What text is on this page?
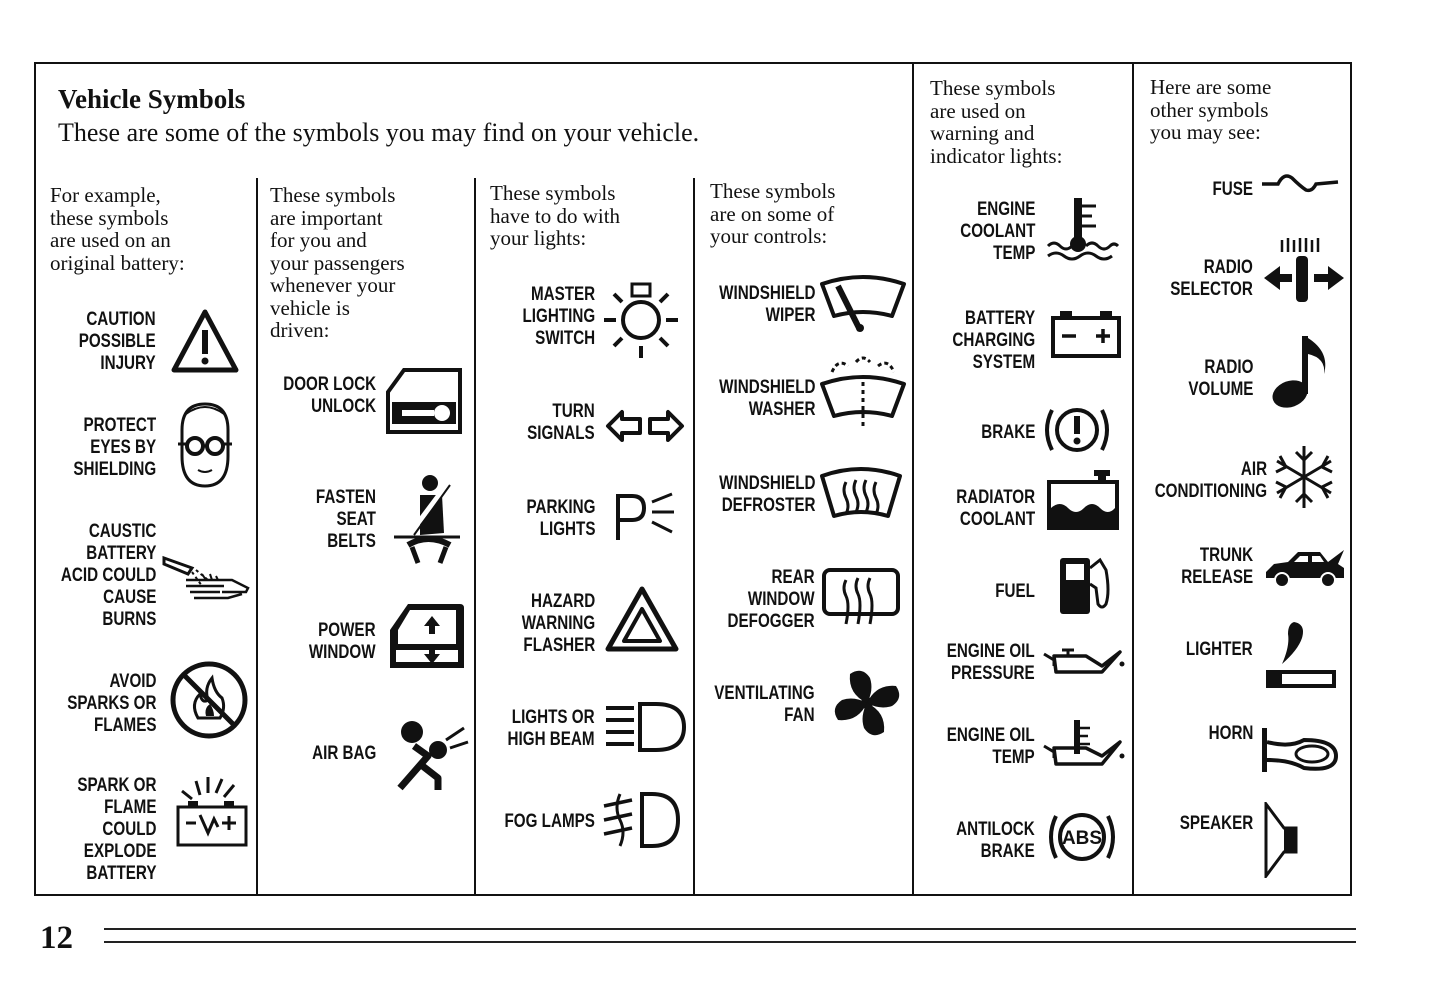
Vehicle Symbols
These are some of the symbols you may find on your vehicle.
For example,
these symbols
are used on an
original battery:
These symbols
are important
for you and
your passengers
whenever your
vehicle is
driven:
These symbols
have to do with
your lights:
These symbols
are on some of
your controls:
These symbols
are used on
warning and
indicator lights:
Here are some
other symbols
you may see:
CAUTION
POSSIBLE
INJURY
PROTECT
EYES BY
SHIELDING
CAUSTIC
BATTERY
ACID COULD
CAUSE
BURNS
AVOID
SPARKS OR
FLAMES
SPARK OR
FLAME
COULD
EXPLODE
BATTERY
DOOR LOCK
UNLOCK
FASTEN
SEAT
BELTS
POWER
WINDOW
AIR BAG
MASTER
LIGHTING
SWITCH
TURN
SIGNALS
PARKING
LIGHTS
HAZARD
WARNING
FLASHER
LIGHTS OR
HIGH BEAM
FOG LAMPS
WINDSHIELD
WIPER
WINDSHIELD
WASHER
WINDSHIELD
DEFROSTER
REAR
WINDOW
DEFOGGER
VENTILATING
FAN
ENGINE
COOLANT
TEMP
BATTERY
CHARGING
SYSTEM
BRAKE
RADIATOR
COOLANT
FUEL
ENGINE OIL
PRESSURE
ENGINE OIL
TEMP
ANTILOCK
BRAKE
ABS
FUSE
RADIO
SELECTOR
RADIO
VOLUME
AIR
CONDITIONING
TRUNK
RELEASE
LIGHTER
HORN
SPEAKER
12
